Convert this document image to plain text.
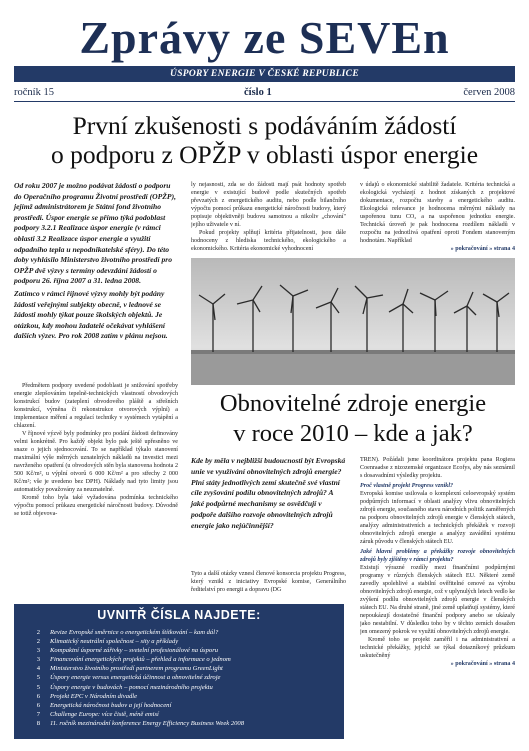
Zprávy ze SEVEn
ÚSPORY ENERGIE V ČESKÉ REPUBLICE
ročník 15	číslo 1	červen 2008
První zkušenosti s podáváním žádostí
o podporu z OPŽP v oblasti úspor energie
Od roku 2007 je možno podávat žádosti o podporu do Operačního programu Životní prostředí (OPŽP), jejímž administrátorem je Státní fond životního prostředí. Úspor energie se přímo týká podoblast podpory 3.2.1 Realizace úspor energie (v rámci oblasti 3.2 Realizace úspor energie a využití odpadního tepla u nepodnikatelské sféry). Do této doby vyhlásilo Ministerstvo životního prostředí pro OPŽP dvě výzvy s termíny odevzdání žádostí o podporu 26. října 2007 a 31. ledna 2008.
Zatímco v rámci říjnové výzvy mohly být podány žádosti veřejnými subjekty obecně, v lednové se žádosti mohly týkat pouze školských objektů. Je otázkou, kdy mohou žadatelé očekávat vyhlášení dalších výzev. Pro rok 2008 zatím v plánu nejsou.

Předmětem podpory uvedené podoblasti je snižování spotřeby energie zlepšováním tepelně-technických vlastností obvodových konstrukcí budov (zateplení obvodového pláště a střešních konstrukcí, výměna či rekonstrukce otvorových výplní) a implementace měření a regulací techniky v systémech vytápění a chlazení.

V říjnové výzvě byly podmínky pro podání žádosti definovány velmi konkrétně. Pro každý objekt bylo pak ještě upřesněno ve snaze o jejich sjednocování. To se například týkalo stanovení maximální výše měrných uznatelných nákladů na investici mezi navrženého opatření (u obvodových stěn byla stanovena hodnota 2 500 Kč/m², u výplní otvorů 6 000 Kč/m² a pro střechy 2 000 Kč/m²; vše je uvedeno bez DPH). Náklady nad tyto limity jsou automaticky považovány za neuznatelné.

Kromě toho byla také vyžadována podmínka technického výpočtu pomocí průkazu energetické náročnosti budovy. Důvodně se totiž objevova-

ly nejasnosti, zda se do žádosti mají psát hodnoty spotřeb energie v existující budově podle skutečných spotřeb převzatých z energetického auditu, nebo podle bilančního výpočtu pomocí průkazu energetické náročnosti budovy, který popisuje objektivněji budovu samotnou a nikoliv „chování" jejího uživatele v ní.

Pokud projekty splňují kritéria přijatelnosti, jsou dále hodnoceny z hlediska technického, ekologického a ekonomického. Kritéria ekonomické vyhodnocení

v údajů o ekonomické stabilitě žadatele. Kritéria technická a ekologická vycházejí z hodnot získaných z projektové dokumentace, rozpočtu stavby a energetického auditu. Ekologická relevance je hodnocena měrnými náklady na uspořenou tunu CO₂ a na uspořenou jednotku energie. Technická úroveň je pak hodnocena rozdílem nákladů v rozpočtu na jednotlivá opatření oproti Fondem stanoveným hodnotám. Například

» pokračování » strana 4
Obnovitelné zdroje energie
v roce 2010 – kde a jak?
Kde by měla v nejbližší budoucnosti být Evropská unie ve využívání obnovitelných zdrojů energie? Plní státy jednotlivých zemí skutečně své vlastní cíle zvyšování podílu obnovitelných zdrojů? A jaké podpůrné mechanismy se osvědčují v podpoře dalšího rozvoje obnovitelných zdrojů energie jako nejúčinnější?

Tyto a další otázky vznesl členové konsorcia projektu Progress, který vznikl z iniciativy Evropské komise, Generálního ředitelství pro energii a dopravu (DG

TREN). Požádali jsme koordinátora projektu pana Rogiera Coenraadse z nizozemské organizace Ecofys, aby nás seznámil s dosavadními výsledky projektu.

Proč vlastně projekt Progress vznikl?

Evropská komise usilovala o komplexní celoevropský systém podpůrných informací v oblasti analýzy vlivu obnovitelných zdrojů energie, současného stavu národních politik zaměřených na podporu obnovitelných zdrojů energie v členských státech, analýzy administrativních a technických překážek v rozvoji obnovitelných zdrojů energie a analýzy zavádění systému záruk původu v členských státech EU.

Jaké hlavní problémy a překážky rozvoje obnovitelných zdrojů byly zjištěny v rámci projektu?

Existují výrazné rozdíly mezi finančními podpůrnými programy v různých členských státech EU. Některé země zavedly spolehlivé a stabilní ověřitelné cenové za výrobu obnovitelných zdrojů energie, což v uplynulých letech vedlo ke zvýšení podílu obnovitelných zdrojů energie v členských státech EU. Na druhé straně, jiné země uplatňují systémy, které nepoukázují dostatečné finanční podpory anebo se ukázaly jako nestabilní. V důsledku toho by v těchto zemích dosažen jen omezený pokrok ve využití obnovitelných zdrojů energie.

Kromě toho se projekt zaměřil i na administrativní a technické překážky, jejichž se týkal dotazníkový průzkum uskutečněný

» pokračování » strana 4
UVNITŘ ČÍSLA NAJDETE:
2	Revize Evropské směrnice o energetickém štítkování – kam dál?
2	Klimatický neutrální společnost – sity a příklady
3	Kompaktní úsporné zářivky – svetelní profesionálové na úsporu
3	Financování energetických projektů – přehled a informace o jednom
4	Ministerstvo životního prostředí partnerem programu GreenLight
5	Úspory energie versus energetická účinnost a obnovitelné zdroje
5	Úspory energie v budovách – pomocí mezinárodního projektu
6	Projekt EPC v Národním divadle
6	Energetická náročnost budov a její hodnocení
7	Challenge Europe: více čistě, méně emisí
8	11. ročník mezinárodní konference Energy Efficiency Business Week 2008
